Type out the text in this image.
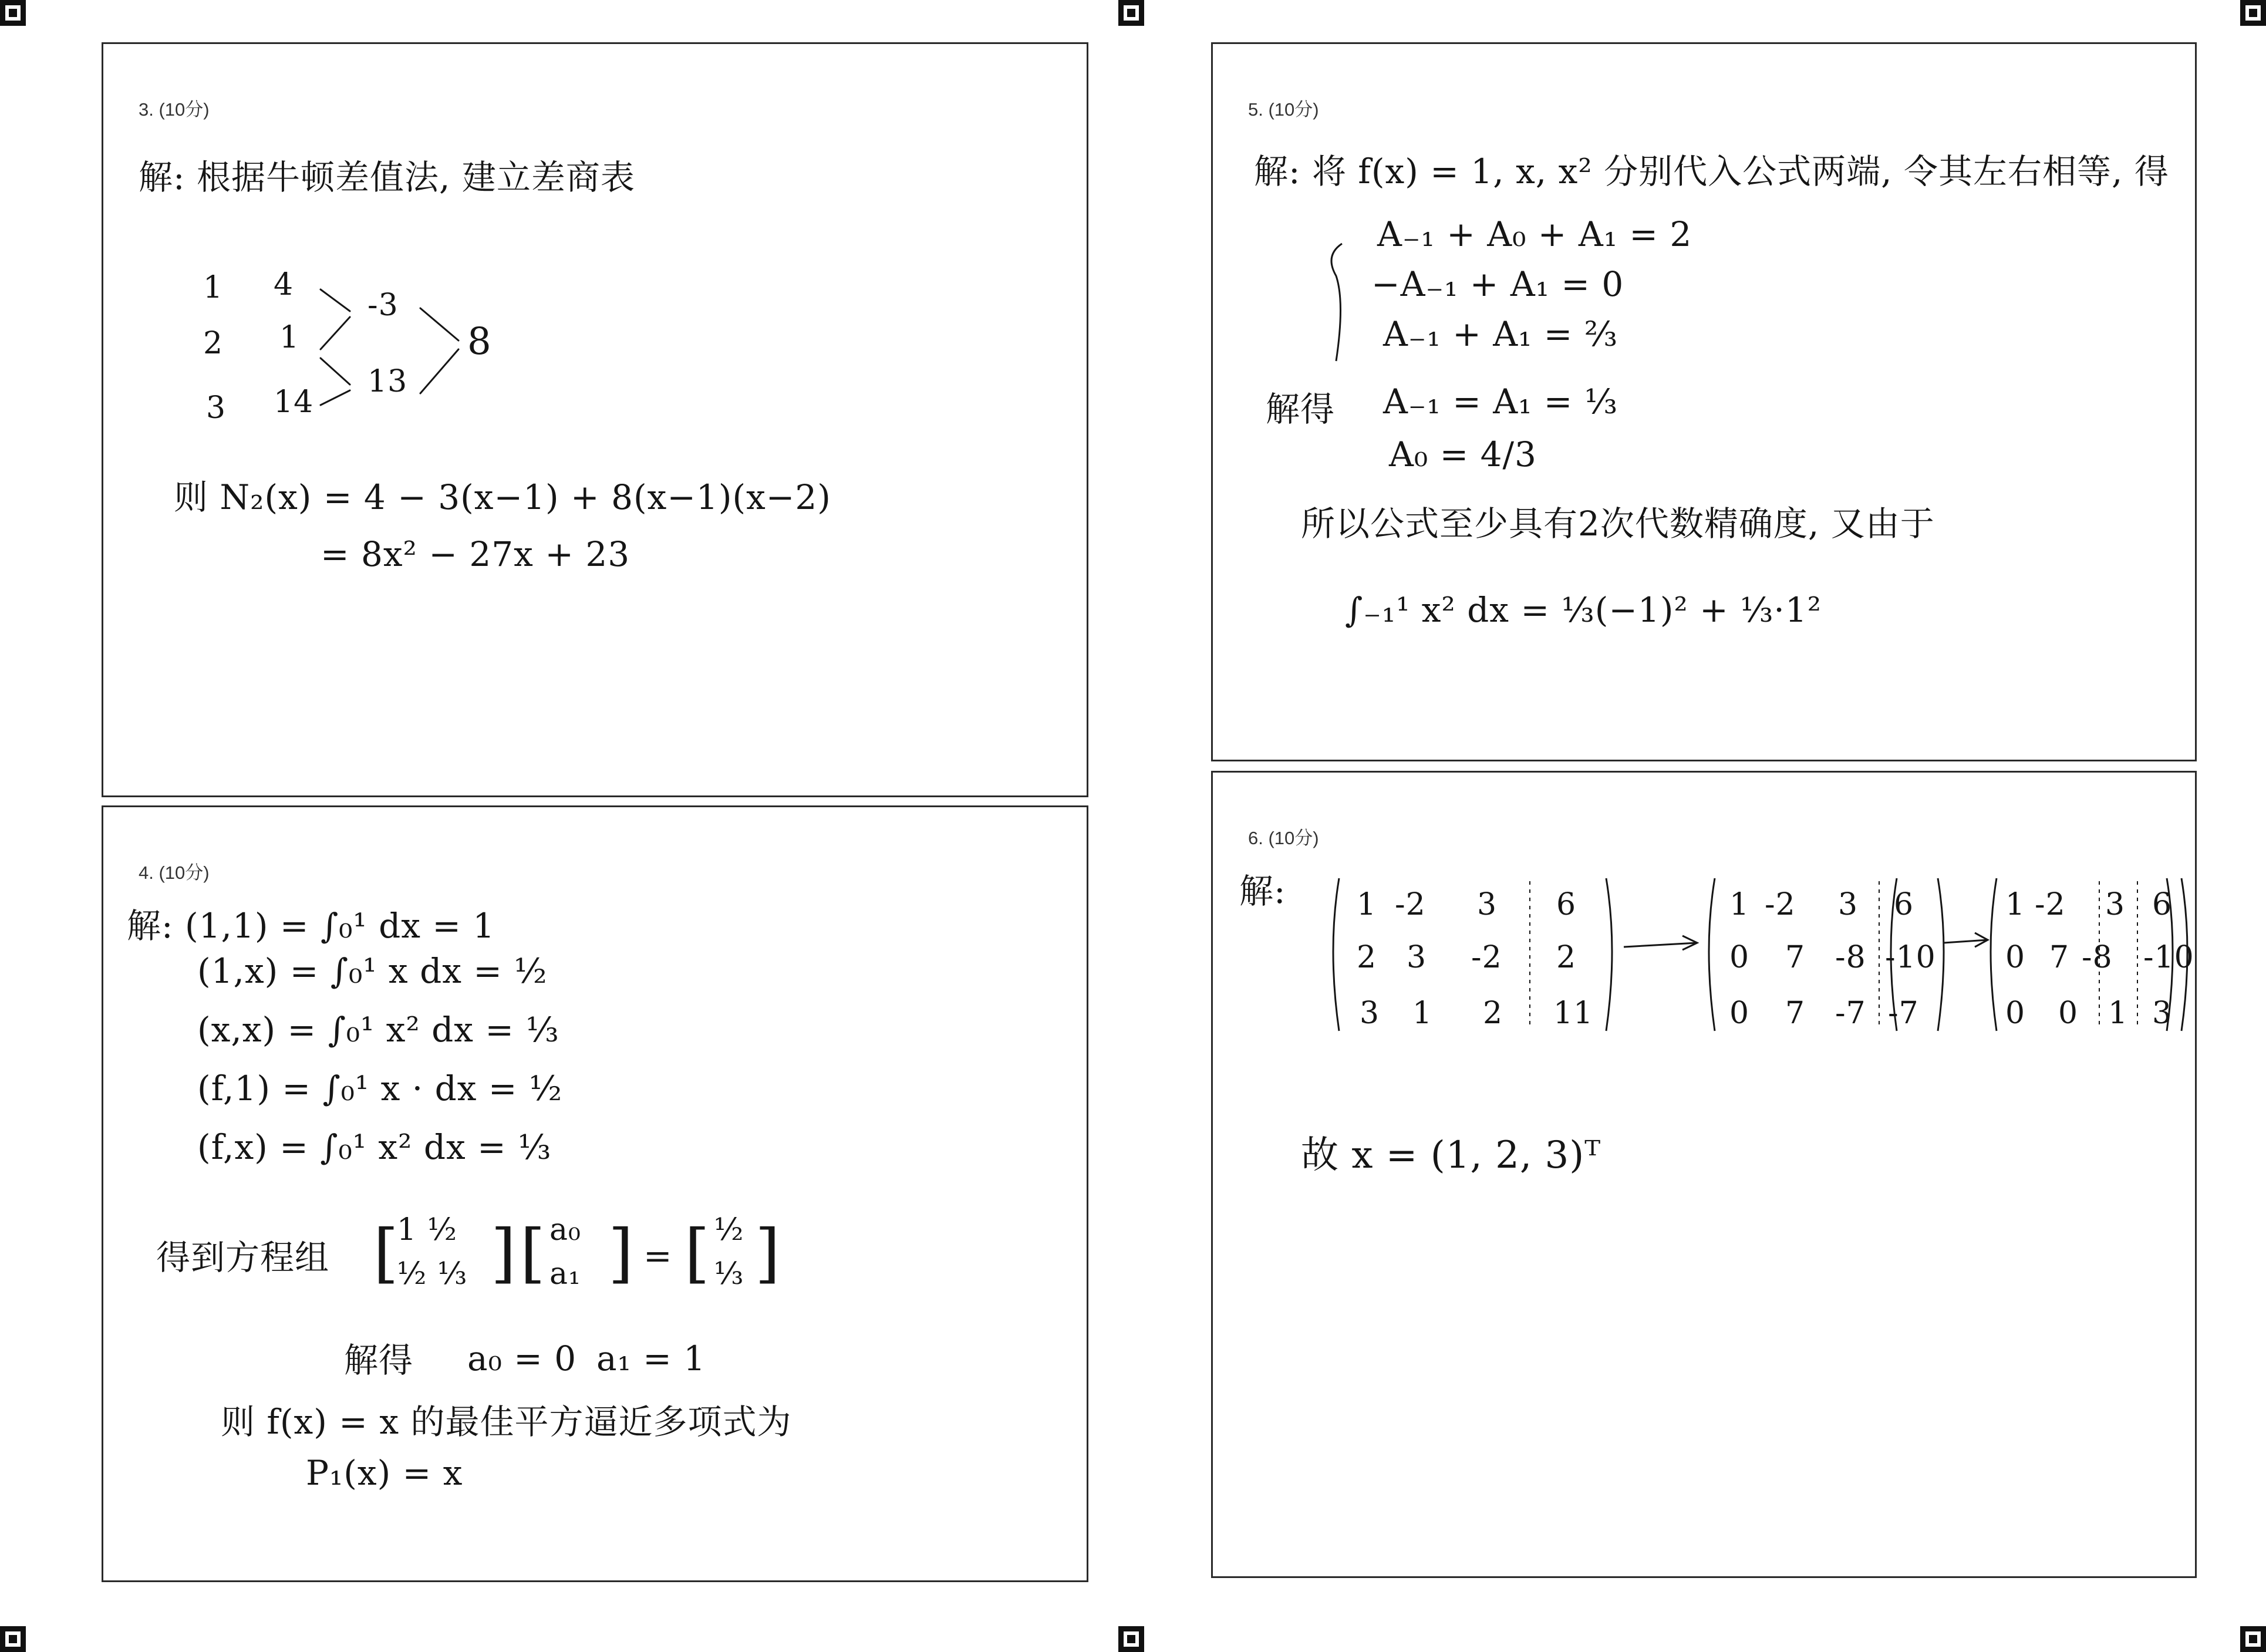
3. (10分)
解: 根据牛顿差值法, 建立差商表
1
2
3
4
1
14
-3
13
8
则 N₂(x) = 4 − 3(x−1) + 8(x−1)(x−2)
= 8x² − 27x + 23
4. (10分)
解: (1,1) = ∫₀¹ dx = 1
(1,x) = ∫₀¹ x dx = ½
(x,x) = ∫₀¹ x² dx = ⅓
(f,1) = ∫₀¹ x · dx = ½
(f,x) = ∫₀¹ x² dx = ⅓
得到方程组 [
1 ½
½ ⅓ ] [ a₀
a₁ ] = [ ½
⅓ ]
解得 a₀ = 0 a₁ = 1
则 f(x) = x 的最佳平方逼近多项式为
P₁(x) = x
5. (10分)
解: 将 f(x) = 1, x, x² 分别代入公式两端, 令其左右相等, 得
A₋₁ + A₀ + A₁ = 2
−A₋₁ + A₁ = 0
A₋₁ + A₁ = ⅔
解得 A₋₁ = A₁ = ⅓
A₀ = 4/3
所以公式至少具有2次代数精确度, 又由于
∫₋₁¹ x² dx = ⅓(−1)² + ⅓·1²
6. (10分)
解: 1 -2 3 6
2 3 -2 2
3 1 2 11
1 -2 3 6
0 7 -8 -10
0 7 -7 -7
1 -2 3 6
0 7 -8 -10
0 0 1 3
故 x = (1, 2, 3)ᵀ
